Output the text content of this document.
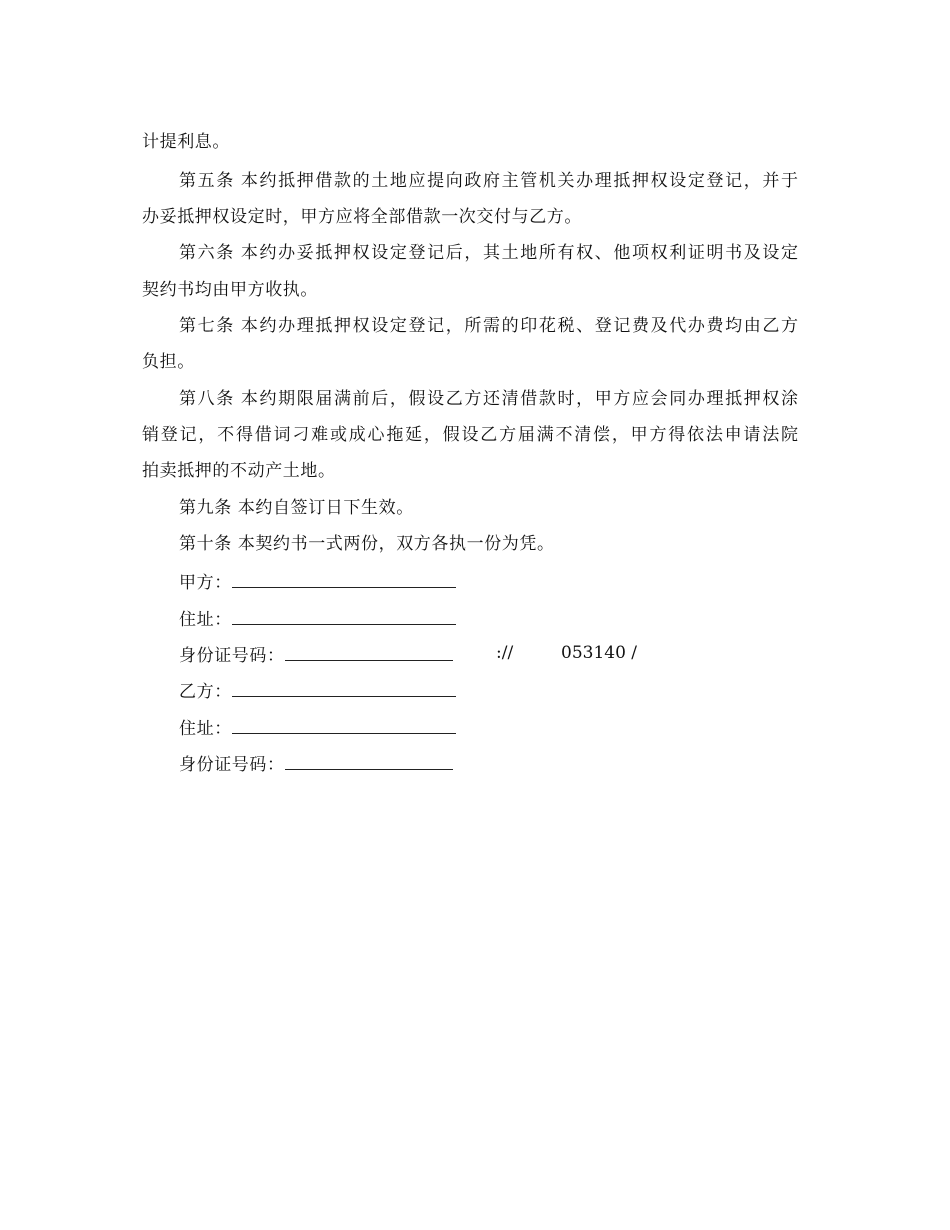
计提利息。
第五条 本约抵押借款的土地应提向政府主管机关办理抵押权设定登记，并于
办妥抵押权设定时，甲方应将全部借款一次交付与乙方。
第六条 本约办妥抵押权设定登记后，其土地所有权、他项权利证明书及设定
契约书均由甲方收执。
第七条 本约办理抵押权设定登记，所需的印花税、登记费及代办费均由乙方
负担。
第八条 本约期限届满前后，假设乙方还清借款时，甲方应会同办理抵押权涂
销登记，不得借词刁难或成心拖延，假设乙方届满不清偿，甲方得依法申请法院
拍卖抵押的不动产土地。
第九条 本约自签订日下生效。
第十条 本契约书一式两份，双方各执一份为凭。
甲方：
住址：
身份证号码：	://	053140 /
乙方：
住址：
身份证号码：
